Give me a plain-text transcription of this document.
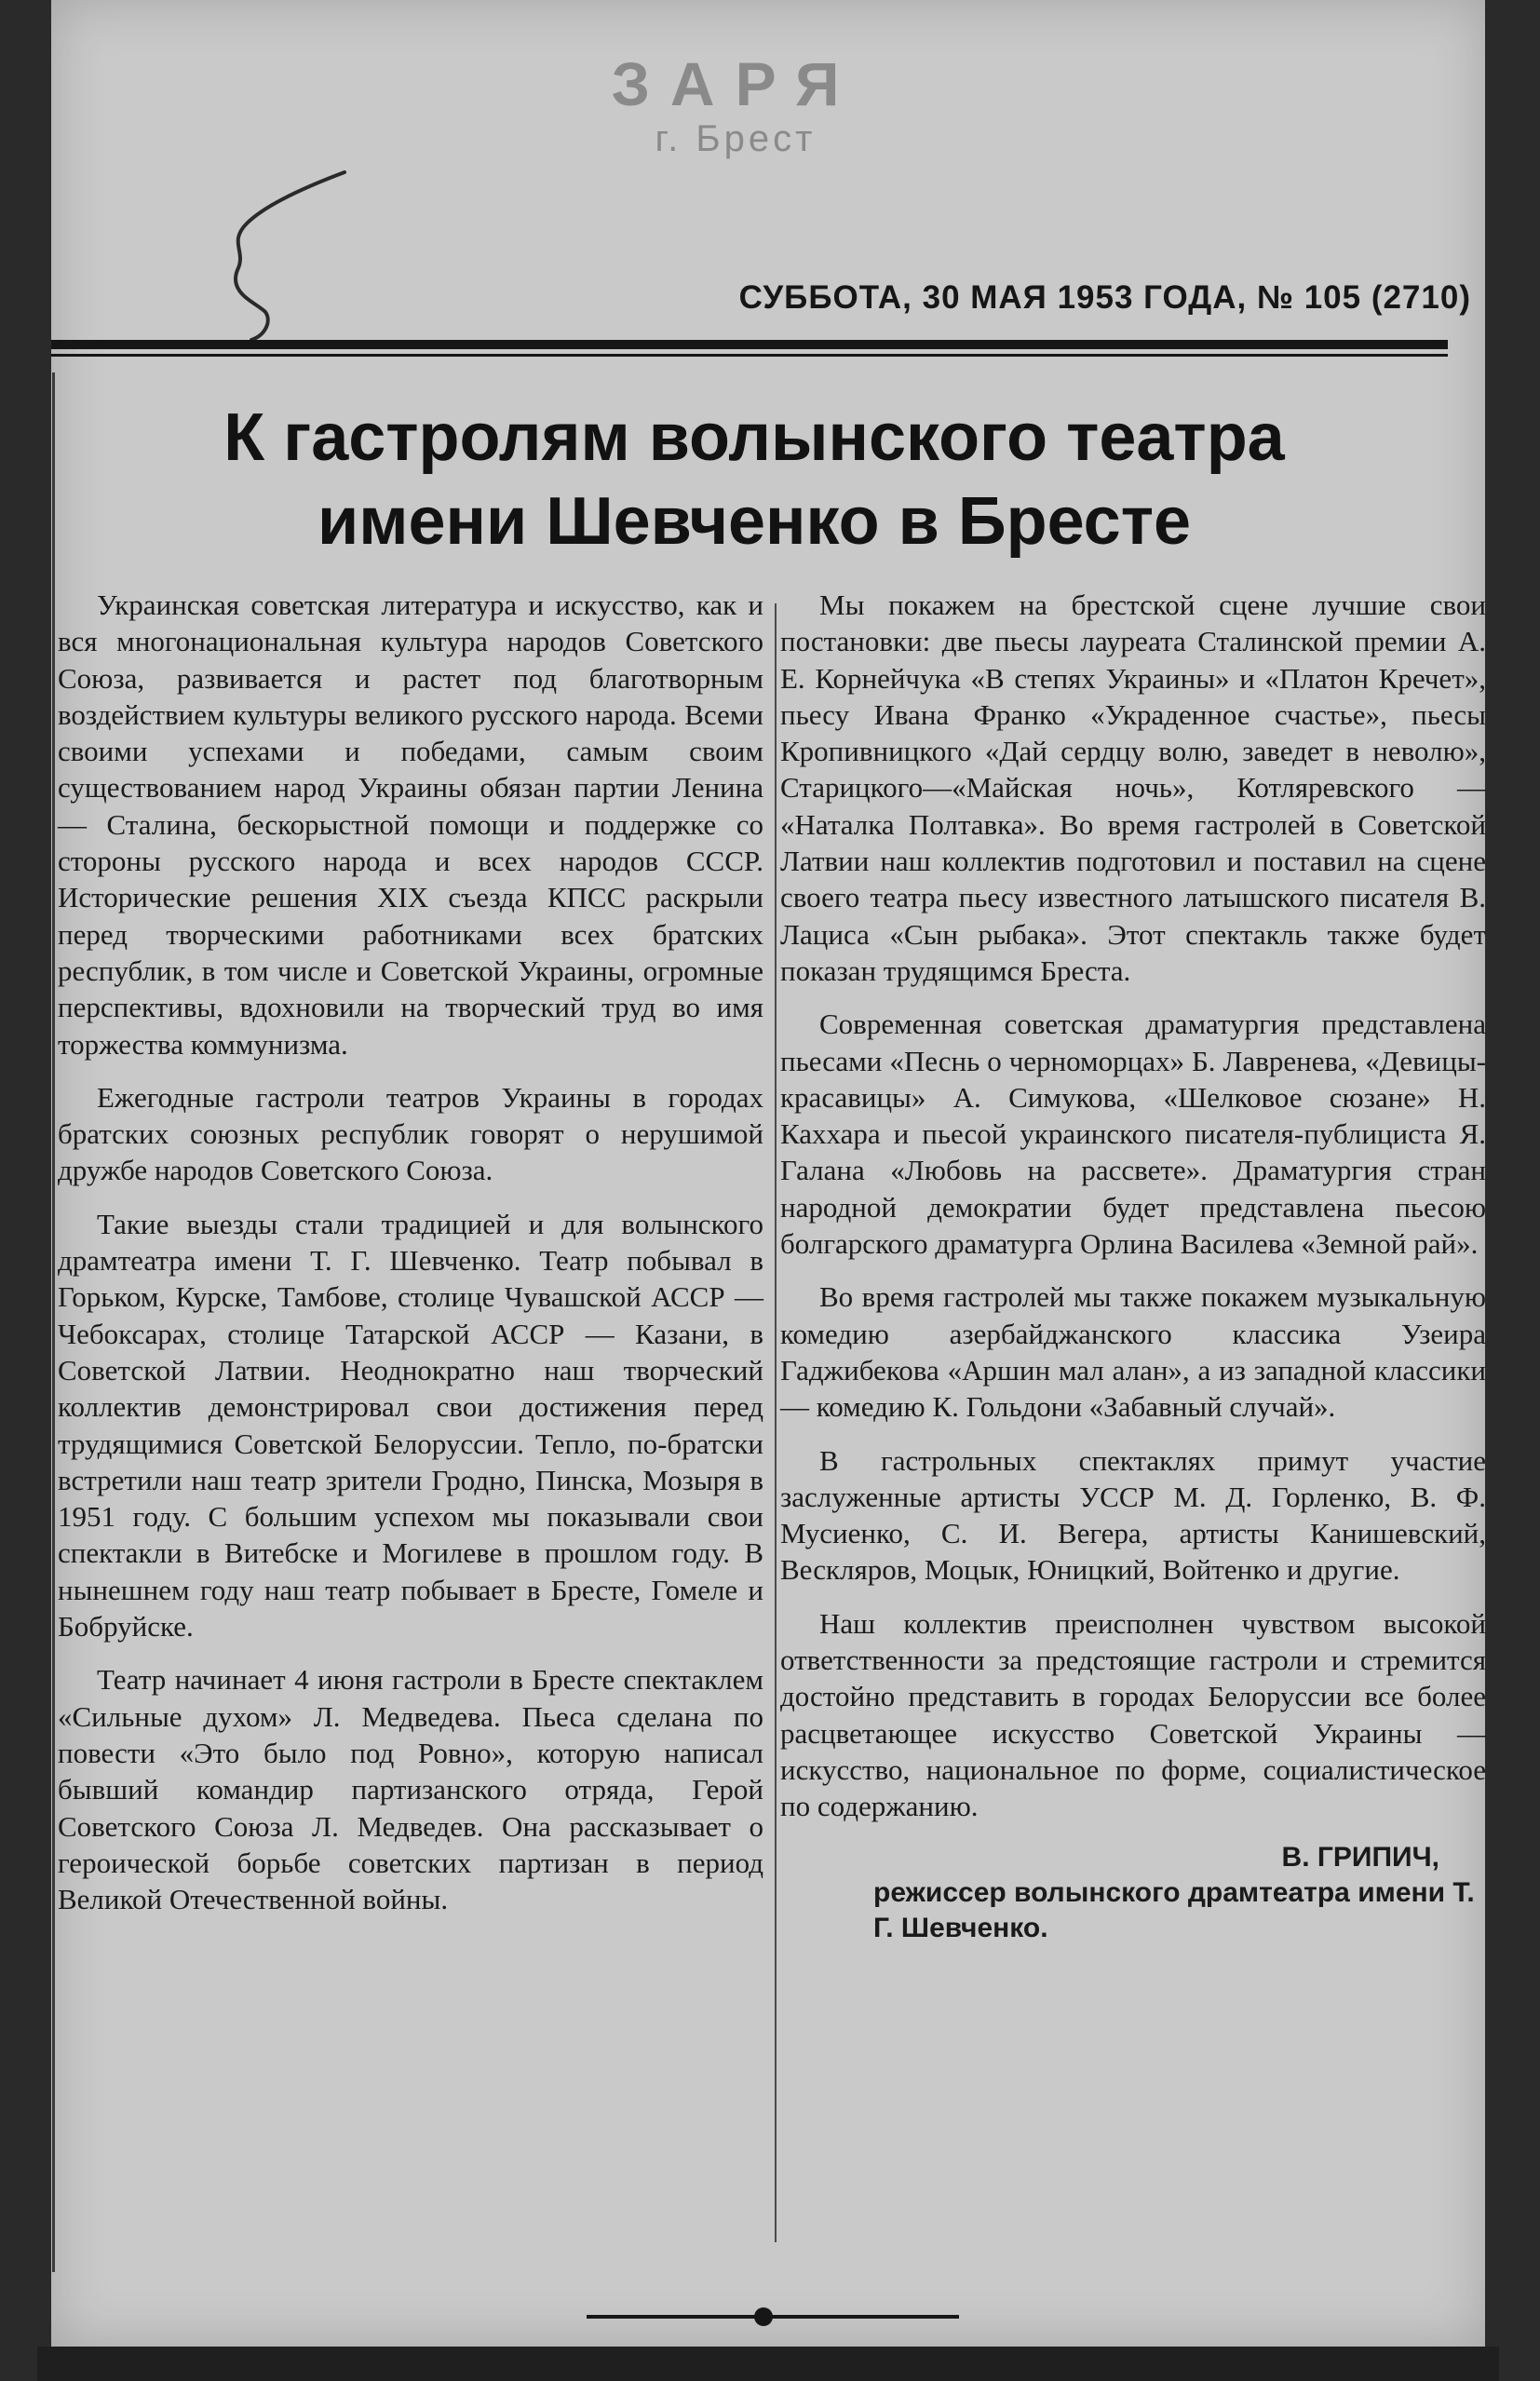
ЗАРЯ
г. Брест
СУББОТА, 30 МАЯ 1953 ГОДА, № 105 (2710)
К гастролям волынского театра
имени Шевченко в Бресте

Украинская советская литература и искусство, как и вся многонациональная культура народов Советского Союза, развивается и растет под благотворным воздействием культуры великого русского народа. Всеми своими успехами и победами, самым своим существованием народ Украины обязан партии Ленина — Сталина, бескорыстной помощи и поддержке со стороны русского народа и всех народов СССР. Исторические решения XIX съезда КПСС раскрыли перед творческими работниками всех братских республик, в том числе и Советской Украины, огромные перспективы, вдохновили на творческий труд во имя торжества коммунизма.

Ежегодные гастроли театров Украины в городах братских союзных республик говорят о нерушимой дружбе народов Советского Союза.

Такие выезды стали традицией и для волынского драмтеатра имени Т. Г. Шевченко. Театр побывал в Горьком, Курске, Тамбове, столице Чувашской АССР — Чебоксарах, столице Татарской АССР — Казани, в Советской Латвии. Неоднократно наш творческий коллектив демонстрировал свои достижения перед трудящимися Советской Белоруссии. Тепло, по-братски встретили наш театр зрители Гродно, Пинска, Мозыря в 1951 году. С большим успехом мы показывали свои спектакли в Витебске и Могилеве в прошлом году. В нынешнем году наш театр побывает в Бресте, Гомеле и Бобруйске.

Театр начинает 4 июня гастроли в Бресте спектаклем «Сильные духом» Л. Медведева. Пьеса сделана по повести «Это было под Ровно», которую написал бывший командир партизанского отряда, Герой Советского Союза Л. Медведев. Она рассказывает о героической борьбе советских партизан в период Великой Отечественной войны.

Мы покажем на брестской сцене лучшие свои постановки: две пьесы лауреата Сталинской премии А. Е. Корнейчука «В степях Украины» и «Платон Кречет», пьесу Ивана Франко «Украденное счастье», пьесы Кропивницкого «Дай сердцу волю, заведет в неволю», Старицкого—«Майская ночь», Котляревского — «Наталка Полтавка». Во время гастролей в Советской Латвии наш коллектив подготовил и поставил на сцене своего театра пьесу известного латышского писателя В. Лациса «Сын рыбака». Этот спектакль также будет показан трудящимся Бреста.

Современная советская драматургия представлена пьесами «Песнь о черноморцах» Б. Лавренева, «Девицы-красавицы» А. Симукова, «Шелковое сюзане» Н. Каххара и пьесой украинского писателя-публициста Я. Галана «Любовь на рассвете». Драматургия стран народной демократии будет представлена пьесою болгарского драматурга Орлина Василева «Земной рай».

Во время гастролей мы также покажем музыкальную комедию азербайджанского классика Узеира Гаджибекова «Аршин мал алан», а из западной классики — комедию К. Гольдони «Забавный случай».

В гастрольных спектаклях примут участие заслуженные артисты УССР М. Д. Горленко, В. Ф. Мусиенко, С. И. Вегера, артисты Канишевский, Вескляров, Моцык, Юницкий, Войтенко и другие.

Наш коллектив преисполнен чувством высокой ответственности за предстоящие гастроли и стремится достойно представить в городах Белоруссии все более расцветающее искусство Советской Украины — искусство, национальное по форме, социалистическое по содержанию.

В. ГРИПИЧ,
режиссер волынского драмтеатра имени Т. Г. Шевченко.
